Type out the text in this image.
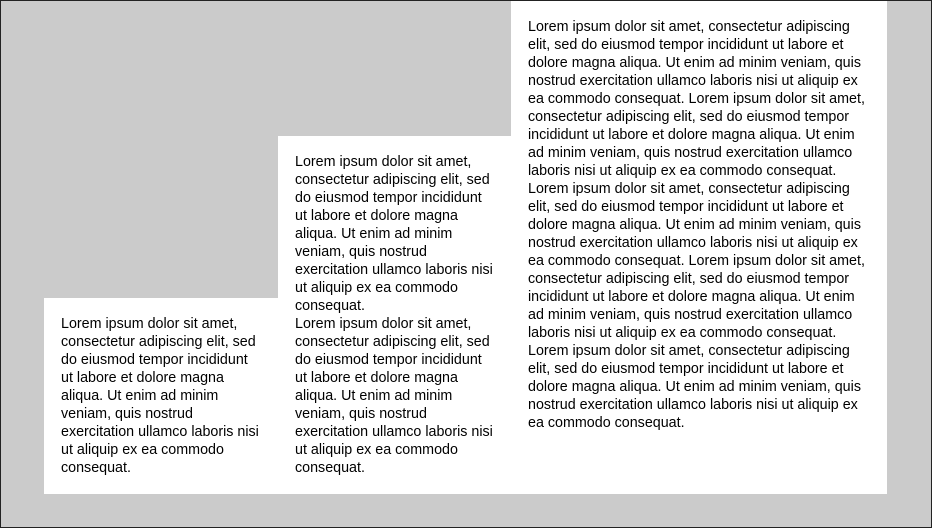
Lorem ipsum dolor sit amet, consectetur adipiscing elit, sed do eiusmod tempor incididunt ut labore et dolore magna aliqua. Ut enim ad minim veniam, quis nostrud exercitation ullamco laboris nisi ut aliquip ex ea commodo consequat.

Lorem ipsum dolor sit amet, consectetur adipiscing elit, sed do eiusmod tempor incididunt ut labore et dolore magna aliqua. Ut enim ad minim veniam, quis nostrud exercitation ullamco laboris nisi ut aliquip ex ea commodo consequat.

Lorem ipsum dolor sit amet, consectetur adipiscing elit, sed do eiusmod tempor incididunt ut labore et dolore magna aliqua. Ut enim ad minim veniam, quis nostrud exercitation ullamco laboris nisi ut aliquip ex ea commodo consequat.

Lorem ipsum dolor sit amet, consectetur adipiscing elit, sed do eiusmod tempor incididunt ut labore et dolore magna aliqua. Ut enim ad minim veniam, quis nostrud exercitation ullamco laboris nisi ut aliquip ex ea commodo consequat. Lorem ipsum dolor sit amet, consectetur adipiscing elit, sed do eiusmod tempor incididunt ut labore et dolore magna aliqua. Ut enim ad minim veniam, quis nostrud exercitation ullamco laboris nisi ut aliquip ex ea commodo consequat. Lorem ipsum dolor sit amet, consectetur adipiscing elit, sed do eiusmod tempor incididunt ut labore et dolore magna aliqua. Ut enim ad minim veniam, quis nostrud exercitation ullamco laboris nisi ut aliquip ex ea commodo consequat. Lorem ipsum dolor sit amet, consectetur adipiscing elit, sed do eiusmod tempor incididunt ut labore et dolore magna aliqua. Ut enim ad minim veniam, quis nostrud exercitation ullamco laboris nisi ut aliquip ex ea commodo consequat. Lorem ipsum dolor sit amet, consectetur adipiscing elit, sed do eiusmod tempor incididunt ut labore et dolore magna aliqua. Ut enim ad minim veniam, quis nostrud exercitation ullamco laboris nisi ut aliquip ex ea commodo consequat.
